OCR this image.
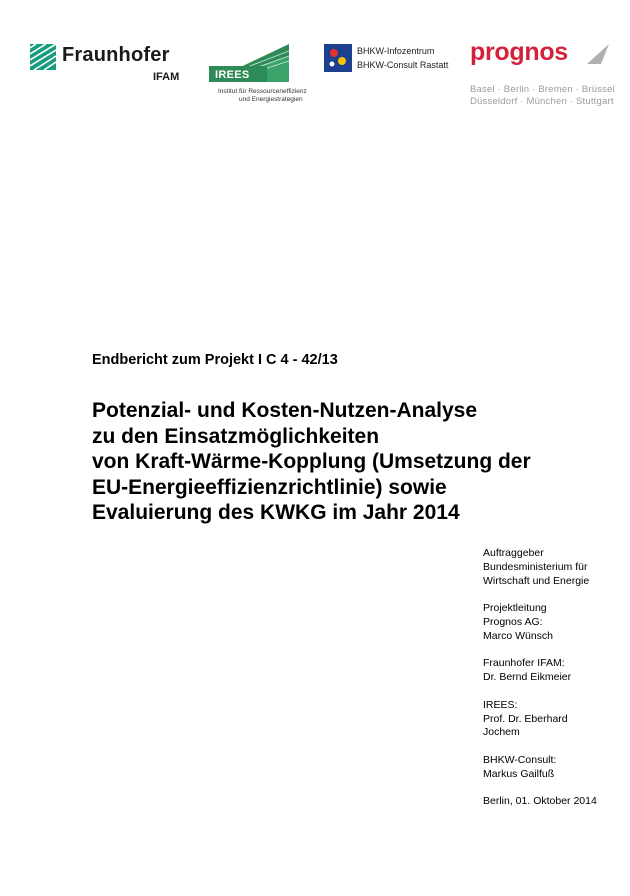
Fraunhofer
IFAM	IREES
Institut für Ressourceneffizienz
und Energiestrategien
BHKW-Infozentrum
BHKW-Consult Rastatt prognos
Basel · Berlin · Bremen · Brüssel
Düsseldorf · München · Stuttgart
Endbericht zum Projekt I C 4 - 42/13
Potenzial- und Kosten-Nutzen-Analyse
zu den Einsatzmöglichkeiten
von Kraft-Wärme-Kopplung (Umsetzung der
EU-Energieeffizienzrichtlinie) sowie
Evaluierung des KWKG im Jahr 2014
Auftraggeber
Bundesministerium für
Wirtschaft und Energie
Projektleitung
Prognos AG:
Marco Wünsch
Fraunhofer IFAM:
Dr. Bernd Eikmeier
IREES:
Prof. Dr. Eberhard
Jochem
BHKW-Consult:
Markus Gailfuß
Berlin, 01. Oktober 2014
